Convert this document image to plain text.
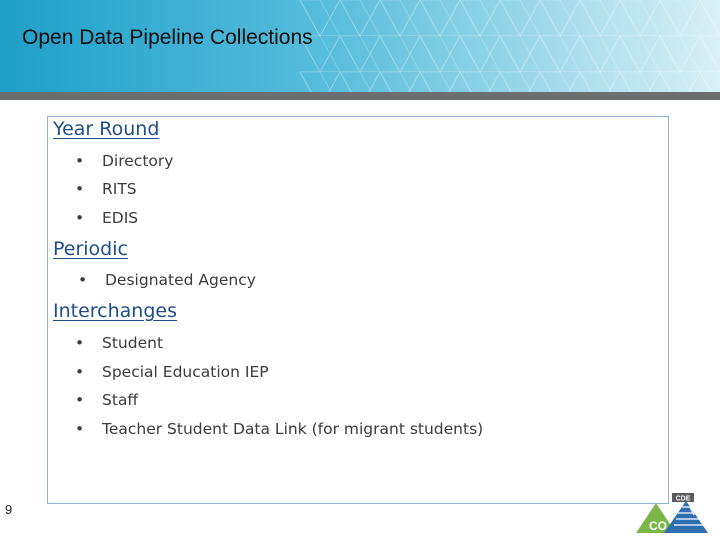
Open Data Pipeline Collections
Year Round
• Directory
• RITS
• EDIS
Periodic
• Designated Agency
Interchanges
• Student
• Special Education IEP
• Staff
• Teacher Student Data Link (for migrant students)
9
CDE
CO
